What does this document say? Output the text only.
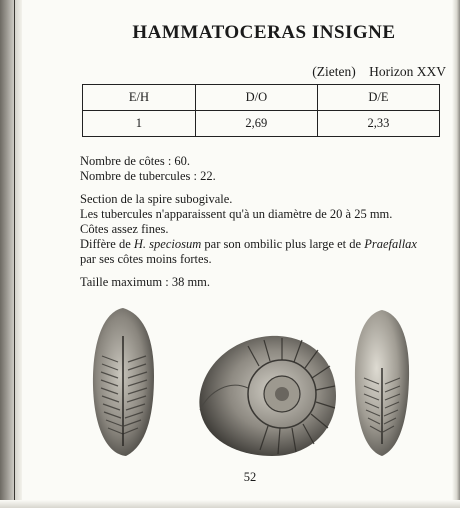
HAMMATOCERAS INSIGNE
(Zieten) Horizon XXV
E/H	D/O	D/E
1	2,69	2,33

Nombre de côtes : 60.

Nombre de tubercules : 22.

Section de la spire subogivale.

Les tubercules n'apparaissent qu'à un diamètre de 20 à 25 mm.

Côtes assez fines.

Diffère de H. speciosum par son ombilic plus large et de Praefallax

par ses côtes moins fortes.

Taille maximum : 38 mm.

52
